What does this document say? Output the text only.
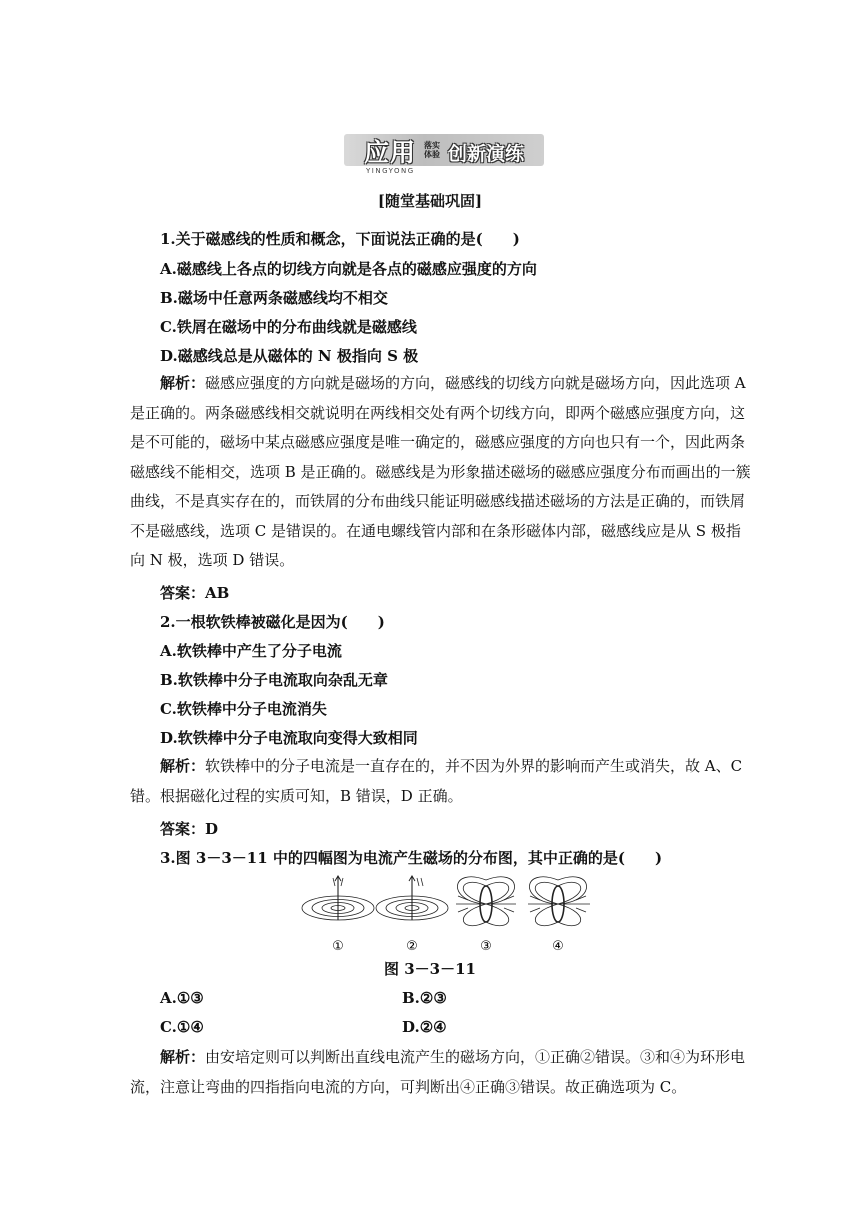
应用 落实体验 创新演练
YINGYONG
[随堂基础巩固]
1.关于磁感线的性质和概念，下面说法正确的是(　　)
A.磁感线上各点的切线方向就是各点的磁感应强度的方向
B.磁场中任意两条磁感线均不相交
C.铁屑在磁场中的分布曲线就是磁感线
D.磁感线总是从磁体的 N 极指向 S 极
解析：磁感应强度的方向就是磁场的方向，磁感线的切线方向就是磁场方向，因此选项 A 是正确的。两条磁感线相交就说明在两线相交处有两个切线方向，即两个磁感应强度方向，这是不可能的，磁场中某点磁感应强度是唯一确定的，磁感应强度的方向也只有一个，因此两条磁感线不能相交，选项 B 是正确的。磁感线是为形象描述磁场的磁感应强度分布而画出的一簇曲线，不是真实存在的，而铁屑的分布曲线只能证明磁感线描述磁场的方法是正确的，而铁屑不是磁感线，选项 C 是错误的。在通电螺线管内部和在条形磁体内部，磁感线应是从 S 极指向 N 极，选项 D 错误。
答案：AB
2.一根软铁棒被磁化是因为(　　)
A.软铁棒中产生了分子电流
B.软铁棒中分子电流取向杂乱无章
C.软铁棒中分子电流消失
D.软铁棒中分子电流取向变得大致相同
解析：软铁棒中的分子电流是一直存在的，并不因为外界的影响而产生或消失，故 A、C 错。根据磁化过程的实质可知，B 错误，D 正确。
答案：D
3.图 3－3－11 中的四幅图为电流产生磁场的分布图，其中正确的是(　　)
①	②	③	④
图 3－3－11
A.①③	B.②③
C.①④	D.②④
解析：由安培定则可以判断出直线电流产生的磁场方向，①正确②错误。③和④为环形电流，注意让弯曲的四指指向电流的方向，可判断出④正确③错误。故正确选项为 C。
